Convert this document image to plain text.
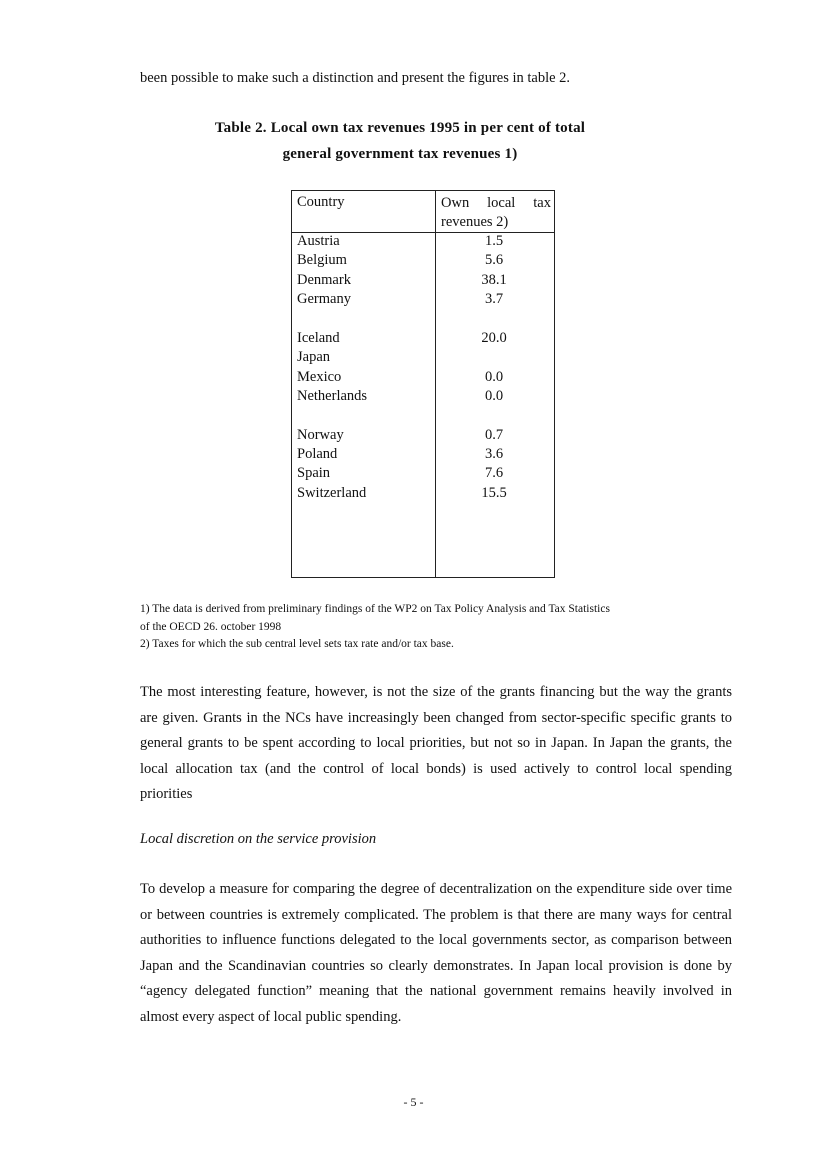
been possible to make such a distinction and present the figures in table 2.
Table 2. Local own tax revenues 1995 in per cent of total
general government tax revenues 1)
Country	Own local tax
revenues 2)
Austria	1.5
Belgium	5.6
Denmark	38.1
Germany	3.7
Iceland	20.0
Japan
Mexico	0.0
Netherlands	0.0
Norway	0.7
Poland	3.6
Spain	7.6
Switzerland	15.5
1) The data is derived from preliminary findings of the WP2 on Tax Policy Analysis and Tax Statistics
of the OECD 26. october 1998
2) Taxes for which the sub central level sets tax rate and/or tax base.
The most interesting feature, however, is not the size of the grants financing but the way the grants are given. Grants in the NCs have increasingly been changed from sector-specific specific grants to general grants to be spent according to local priorities, but not so in Japan. In Japan the grants, the local allocation tax (and the control of local bonds) is used actively to control local spending priorities
Local discretion on the service provision
To develop a measure for comparing the degree of decentralization on the expenditure side over time or between countries is extremely complicated. The problem is that there are many ways for central authorities to influence functions delegated to the local governments sector, as comparison between Japan and the Scandinavian countries so clearly demonstrates. In Japan local provision is done by “agency delegated function” meaning that the national government remains heavily involved in almost every aspect of local public spending.
- 5 -
